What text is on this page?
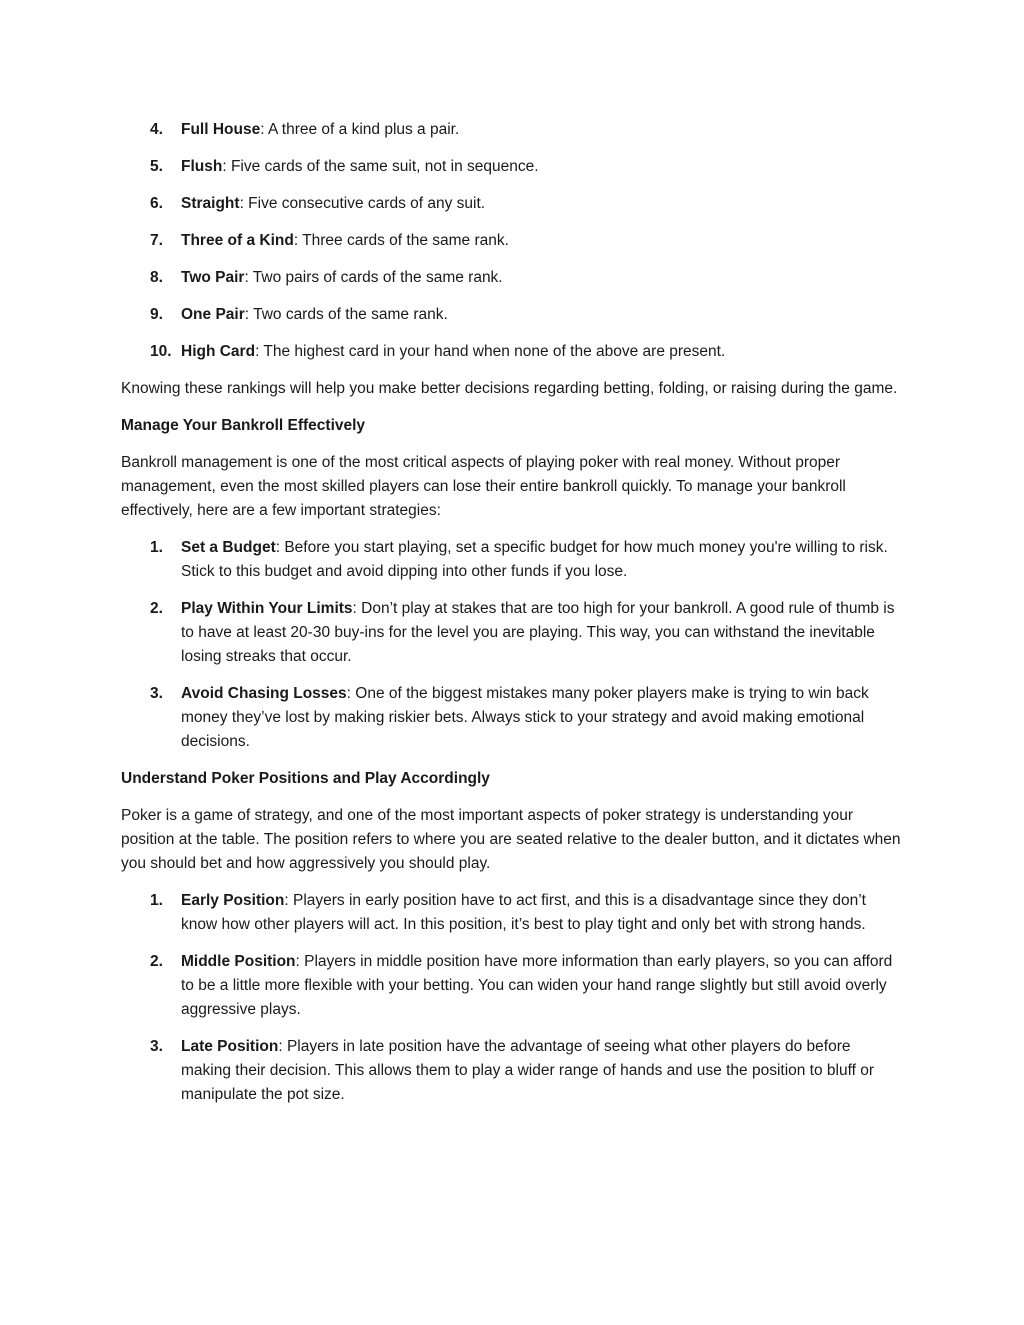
4. Full House: A three of a kind plus a pair.
5. Flush: Five cards of the same suit, not in sequence.
6. Straight: Five consecutive cards of any suit.
7. Three of a Kind: Three cards of the same rank.
8. Two Pair: Two pairs of cards of the same rank.
9. One Pair: Two cards of the same rank.
10. High Card: The highest card in your hand when none of the above are present.

Knowing these rankings will help you make better decisions regarding betting, folding, or raising during the game.

Manage Your Bankroll Effectively

Bankroll management is one of the most critical aspects of playing poker with real money. Without proper management, even the most skilled players can lose their entire bankroll quickly. To manage your bankroll effectively, here are a few important strategies:

1. Set a Budget: Before you start playing, set a specific budget for how much money you're willing to risk. Stick to this budget and avoid dipping into other funds if you lose.
2. Play Within Your Limits: Don’t play at stakes that are too high for your bankroll. A good rule of thumb is to have at least 20-30 buy-ins for the level you are playing. This way, you can withstand the inevitable losing streaks that occur.
3. Avoid Chasing Losses: One of the biggest mistakes many poker players make is trying to win back money they’ve lost by making riskier bets. Always stick to your strategy and avoid making emotional decisions.

Understand Poker Positions and Play Accordingly

Poker is a game of strategy, and one of the most important aspects of poker strategy is understanding your position at the table. The position refers to where you are seated relative to the dealer button, and it dictates when you should bet and how aggressively you should play.

1. Early Position: Players in early position have to act first, and this is a disadvantage since they don’t know how other players will act. In this position, it’s best to play tight and only bet with strong hands.
2. Middle Position: Players in middle position have more information than early players, so you can afford to be a little more flexible with your betting. You can widen your hand range slightly but still avoid overly aggressive plays.
3. Late Position: Players in late position have the advantage of seeing what other players do before making their decision. This allows them to play a wider range of hands and use the position to bluff or manipulate the pot size.
